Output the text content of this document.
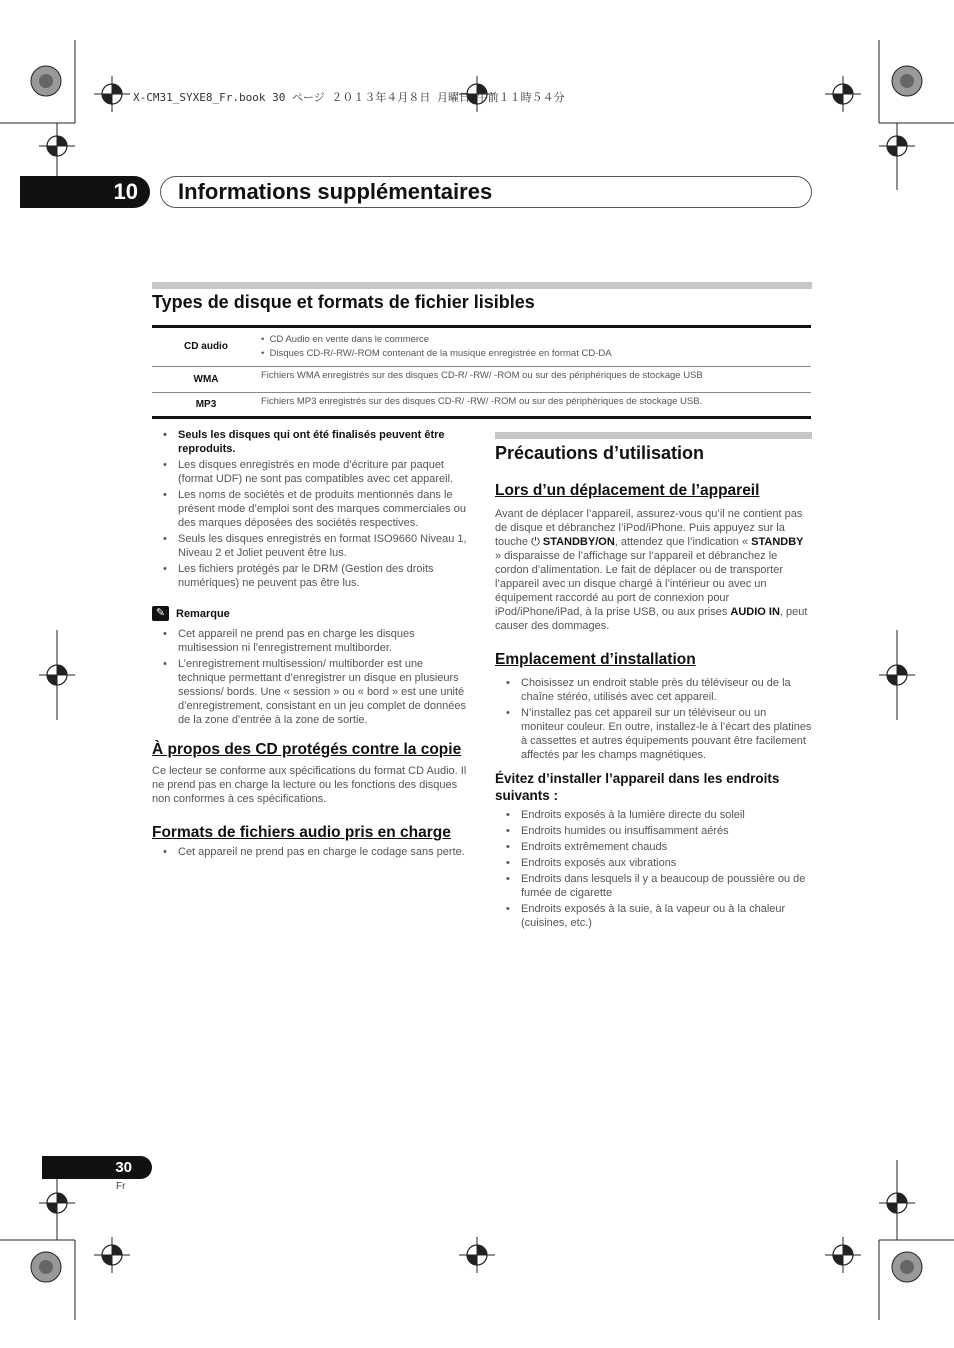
X-CM31_SYXE8_Fr.book 30 ページ ２０１３年４月８日 月曜日 午前１１時５４分
10	Informations supplémentaires
Types de disque et formats de fichier lisibles
CD audio	•  CD Audio en vente dans le commerce
•  Disques CD-R/-RW/-ROM contenant de la musique enregistrée en format CD-DA

WMA	Fichiers WMA enregistrés sur des disques CD-R/ -RW/ -ROM ou sur des périphériques de stockage USB
MP3	Fichiers MP3 enregistrés sur des disques CD-R/ -RW/ -ROM ou sur des périphériques de stockage USB.
• Seuls les disques qui ont été finalisés peuvent être reproduits.
• Les disques enregistrés en mode d’écriture par paquet (format UDF) ne sont pas compatibles avec cet appareil.
• Les noms de sociétés et de produits mentionnés dans le présent mode d’emploi sont des marques commerciales ou des marques déposées des sociétés respectives.
• Seuls les disques enregistrés en format ISO9660 Niveau 1, Niveau 2 et Joliet peuvent être lus.
• Les fichiers protégés par le DRM (Gestion des droits numériques) ne peuvent pas être lus.
✎ Remarque
• Cet appareil ne prend pas en charge les disques multisession ni l’enregistrement multiborder.
• L’enregistrement multisession/ multiborder est une technique permettant d’enregistrer un disque en plusieurs sessions/ bords. Une « session » ou « bord » est une unité d’enregistrement, consistant en un jeu complet de données de la zone d’entrée à la zone de sortie.
À propos des CD protégés contre la copie
Ce lecteur se conforme aux spécifications du format CD Audio. Il ne prend pas en charge la lecture ou les fonctions des disques non conformes à ces spécifications.
Formats de fichiers audio pris en charge
• Cet appareil ne prend pas en charge le codage sans perte.
Précautions d’utilisation
Lors d’un déplacement de l’appareil
Avant de déplacer l’appareil, assurez-vous qu’il ne contient pas de disque et débranchez l’iPod/iPhone. Puis appuyez sur la touche ⏻ STANDBY/ON, attendez que l’indication « STANDBY » disparaisse de l’affichage sur l’appareil et débranchez le cordon d’alimentation. Le fait de déplacer ou de transporter l’appareil avec un disque chargé à l’intérieur ou avec un équipement raccordé au port de connexion pour iPod/iPhone/iPad, à la prise USB, ou aux prises AUDIO IN, peut causer des dommages.
Emplacement d’installation
• Choisissez un endroit stable près du téléviseur ou de la chaîne stéréo, utilisés avec cet appareil.
• N’installez pas cet appareil sur un téléviseur ou un moniteur couleur. En outre, installez-le à l’écart des platines à cassettes et autres équipements pouvant être facilement affectés par les champs magnétiques.
Évitez d’installer l’appareil dans les endroits suivants :
• Endroits exposés à la lumière directe du soleil
• Endroits humides ou insuffisamment aérés
• Endroits extrêmement chauds
• Endroits exposés aux vibrations
• Endroits dans lesquels il y a beaucoup de poussière ou de fumée de cigarette
• Endroits exposés à la suie, à la vapeur ou à la chaleur (cuisines, etc.)
30
Fr
